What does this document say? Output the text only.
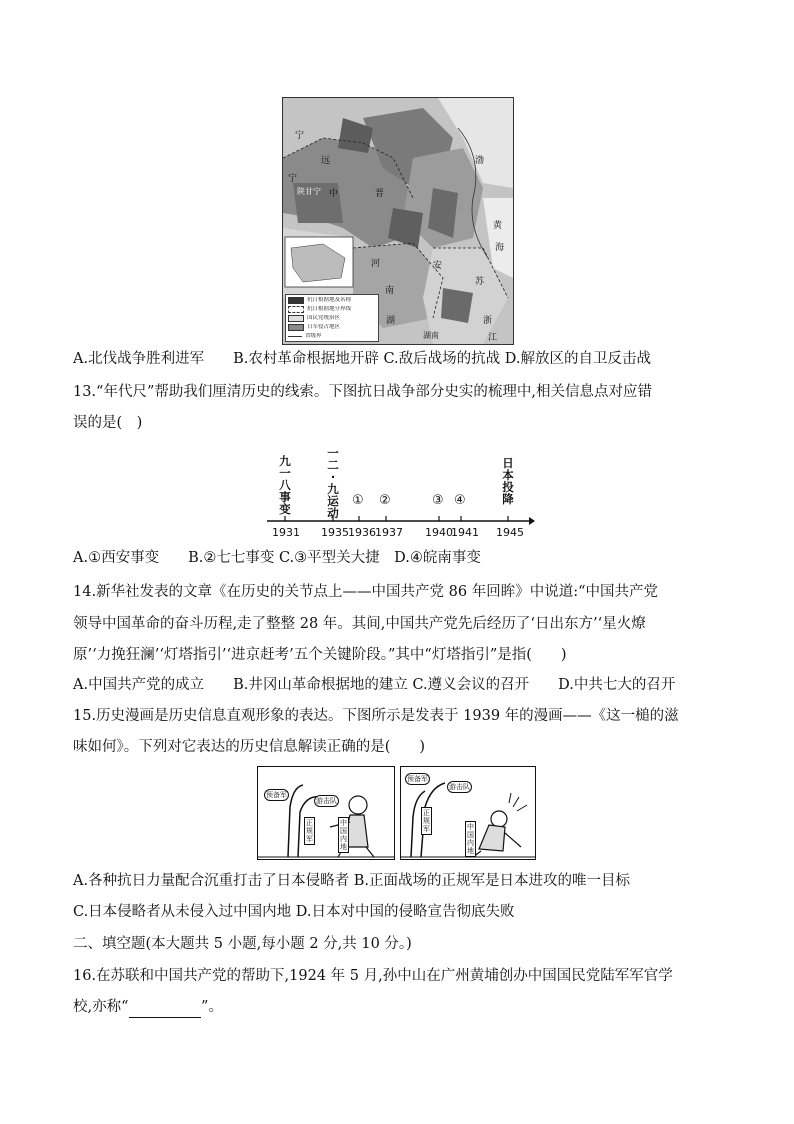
宁
远
宁
陕甘宁 中	晋
河
南
湖
安
苏
浙
江
渤
黄
海
湖南
抗日根据地及名称
抗日根据地分界线
国民党统治区
日军侵占地区
省级界
A.北伐战争胜利进军　　B.农村革命根据地开辟 C.敌后战场的抗战 D.解放区的自卫反击战
13.“年代尺”帮助我们厘清历史的线索。下图抗日战争部分史实的梳理中,相关信息点对应错
误的是(　)
九一八事变
一二·九运动
日本投降
① ②	③ ④
1931 1935 1936 1937 1940
1941 1945
A.①西安事变　　B.②七七事变 C.③平型关大捷　D.④皖南事变
14.新华社发表的文章《在历史的关节点上——中国共产党 86 年回眸》中说道:“中国共产党
领导中国革命的奋斗历程,走了整整 28 年。其间,中国共产党先后经历了‘日出东方’‘星火燎
原’‘力挽狂澜’‘灯塔指引’‘进京赶考’五个关键阶段。”其中“灯塔指引”是指(　　)
A.中国共产党的成立　　B.井冈山革命根据地的建立 C.遵义会议的召开　　D.中共七大的召开
15.历史漫画是历史信息直观形象的表达。下图所示是发表于 1939 年的漫画——《这一槌的滋
味如何》。下列对它表达的历史信息解读正确的是(　　)
预备军
游击队
正规军
中国内地
预备军
游击队
正规军	中国内地
A.各种抗日力量配合沉重打击了日本侵略者 B.正面战场的正规军是日本进攻的唯一目标
C.日本侵略者从未侵入过中国内地 D.日本对中国的侵略宣告彻底失败
二、填空题(本大题共 5 小题,每小题 2 分,共 10 分。)
16.在苏联和中国共产党的帮助下,1924 年 5 月,孙中山在广州黄埔创办中国国民党陆军军官学
校,亦称“　　　　　	”。
